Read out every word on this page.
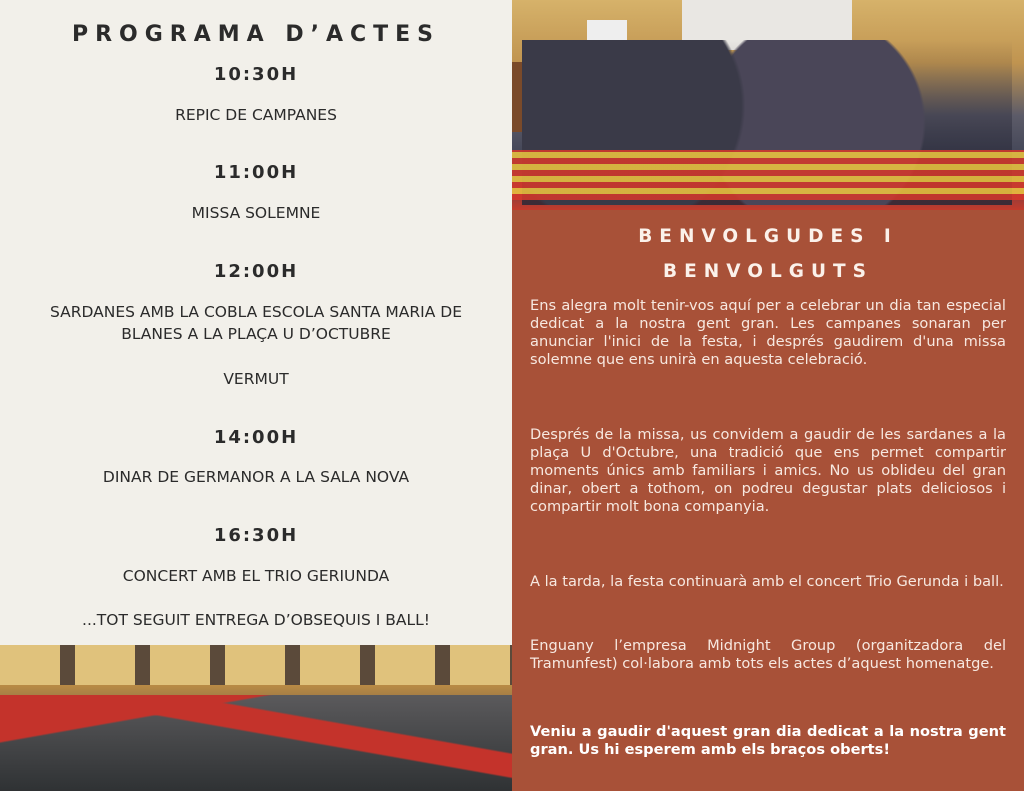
PROGRAMA D’ACTES
10:30H
REPIC DE CAMPANES
11:00H
MISSA SOLEMNE
12:00H
SARDANES AMB LA COBLA ESCOLA SANTA MARIA DE
BLANES A LA PLAÇA U D’OCTUBRE
VERMUT
14:00H
DINAR DE GERMANOR A LA SALA NOVA
16:30H
CONCERT AMB EL TRIO GERIUNDA
...TOT SEGUIT ENTREGA D’OBSEQUIS I BALL!
BENVOLGUDES I
BENVOLGUTS
Ens alegra molt tenir-vos aquí per a celebrar un dia tan especial dedicat a la nostra gent gran. Les campanes sonaran per anunciar l'inici de la festa, i després gaudirem d'una missa solemne que ens unirà en aquesta celebració.
Després de la missa, us convidem a gaudir de les sardanes a la plaça U d'Octubre, una tradició que ens permet compartir moments únics amb familiars i amics. No us oblideu del gran dinar, obert a tothom, on podreu degustar plats deliciosos i compartir molt bona companyia.
A la tarda, la festa continuarà amb el concert Trio Gerunda i ball.
Enguany l’empresa Midnight Group (organitzadora del Tramunfest) col·labora amb tots els actes d’aquest homenatge.
Veniu a gaudir d'aquest gran dia dedicat a la nostra gent gran. Us hi esperem amb els braços oberts!
